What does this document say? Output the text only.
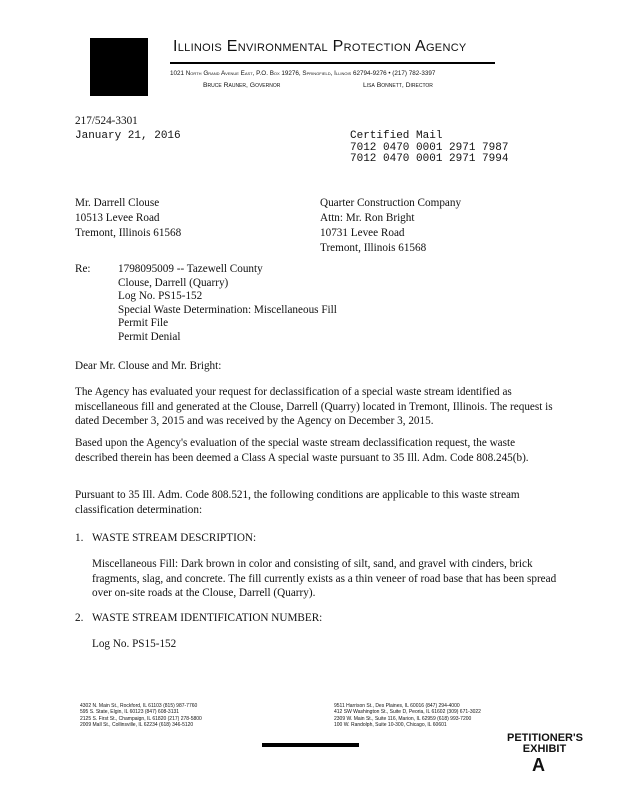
Illinois Environmental Protection Agency
1021 North Grand Avenue East, P.O. Box 19276, Springfield, Illinois 62794-9276 • (217) 782-3397
Bruce Rauner, Governor	Lisa Bonnett, Director
217/524-3301
January 21, 2016	Certified Mail
7012 0470 0001 2971 7987
7012 0470 0001 2971 7994
Mr. Darrell Clouse
10513 Levee Road
Tremont, Illinois 61568
Quarter Construction Company
Attn: Mr. Ron Bright
10731 Levee Road
Tremont, Illinois 61568
Re: 1798095009 -- Tazewell County
Clouse, Darrell (Quarry)
Log No. PS15-152
Special Waste Determination: Miscellaneous Fill
Permit File
Permit Denial
Dear Mr. Clouse and Mr. Bright:
The Agency has evaluated your request for declassification of a special waste stream identified as miscellaneous fill and generated at the Clouse, Darrell (Quarry) located in Tremont, Illinois. The request is dated December 3, 2015 and was received by the Agency on December 3, 2015.
Based upon the Agency's evaluation of the special waste stream declassification request, the waste described therein has been deemed a Class A special waste pursuant to 35 Ill. Adm. Code 808.245(b).
Pursuant to 35 Ill. Adm. Code 808.521, the following conditions are applicable to this waste stream classification determination:
1. WASTE STREAM DESCRIPTION:
Miscellaneous Fill: Dark brown in color and consisting of silt, sand, and gravel with cinders, brick fragments, slag, and concrete. The fill currently exists as a thin veneer of road base that has been spread over on-site roads at the Clouse, Darrell (Quarry).
2. WASTE STREAM IDENTIFICATION NUMBER:
Log No. PS15-152
4302 N. Main St., Rockford, IL 61103 (815) 987-7760
595 S. State, Elgin, IL 60123 (847) 608-3131
2125 S. First St., Champaign, IL 61820 (217) 278-5800
2009 Mall St., Collinsville, IL 62234 (618) 346-5120
9511 Harrison St., Des Plaines, IL 60016 (847) 294-4000
412 SW Washington St., Suite D, Peoria, IL 61602 (309) 671-3022
2309 W. Main St., Suite 116, Marion, IL 62959 (618) 993-7200
100 W. Randolph, Suite 10-300, Chicago, IL 60601
PETITIONER'S
EXHIBIT
A
